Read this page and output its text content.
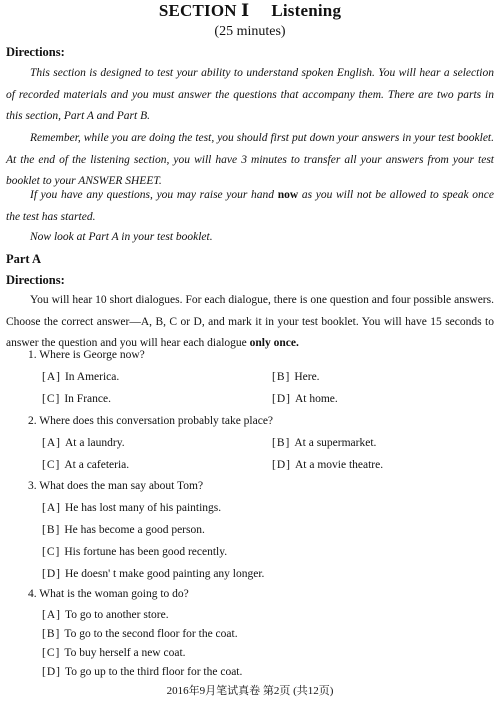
SECTION Ⅰ Listening
(25 minutes)
Directions:
This section is designed to test your ability to understand spoken English. You will hear a selection of recorded materials and you must answer the questions that accompany them. There are two parts in this section, Part A and Part B.
Remember, while you are doing the test, you should first put down your answers in your test booklet. At the end of the listening section, you will have 3 minutes to transfer all your answers from your test booklet to your ANSWER SHEET.
If you have any questions, you may raise your hand now as you will not be allowed to speak once the test has started.
Now look at Part A in your test booklet.
Part A
Directions:
You will hear 10 short dialogues. For each dialogue, there is one question and four possible answers. Choose the correct answer—A, B, C or D, and mark it in your test booklet. You will have 15 seconds to answer the question and you will hear each dialogue only once.
1. Where is George now?
[A] In America.	[B] Here.
[C] In France.	[D] At home.
2. Where does this conversation probably take place?
[A] At a laundry.	[B] At a supermarket.
[C] At a cafeteria.	[D] At a movie theatre.
3. What does the man say about Tom?
[A] He has lost many of his paintings.
[B] He has become a good person.
[C] His fortune has been good recently.
[D] He doesn' t make good painting any longer.
4. What is the woman going to do?
[A] To go to another store.
[B] To go to the second floor for the coat.
[C] To buy herself a new coat.
2016年9月笔试真卷 第2页 (共12页)
[D] To go up to the third floor for the coat.
